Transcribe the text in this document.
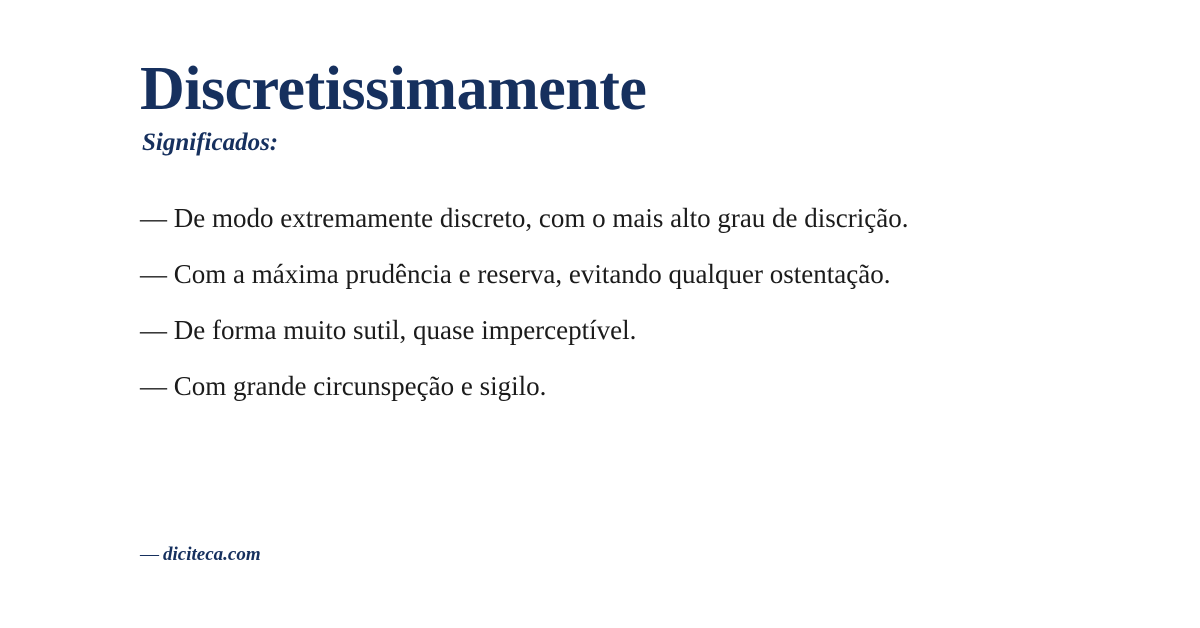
Discretissimamente
Significados:
— De modo extremamente discreto, com o mais alto grau de discrição.
— Com a máxima prudência e reserva, evitando qualquer ostentação.
— De forma muito sutil, quase imperceptível.
— Com grande circunspeção e sigilo.
— diciteca.com
